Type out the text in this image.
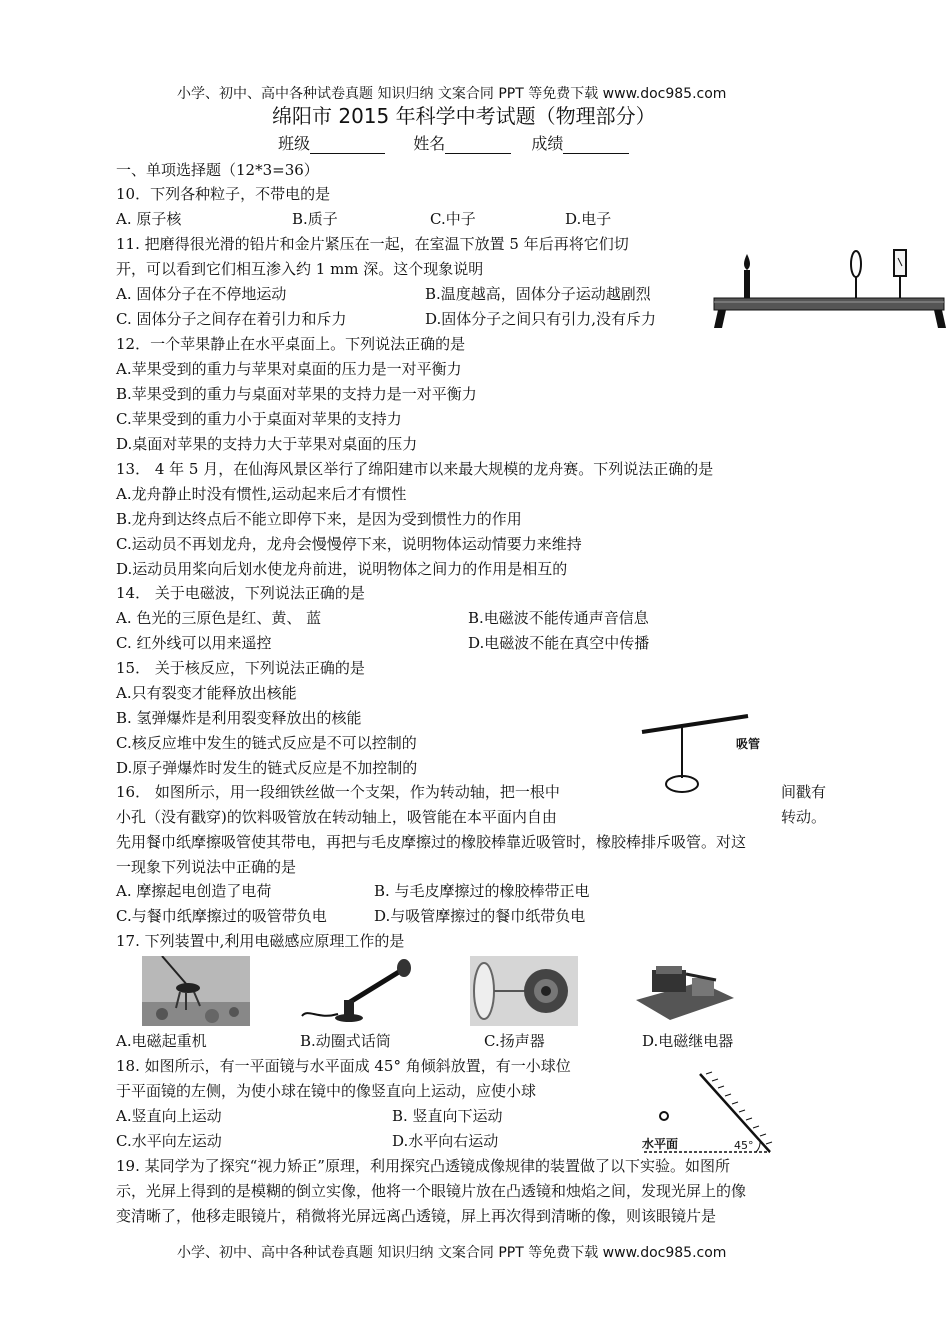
小学、初中、高中各种试卷真题 知识归纳 文案合同 PPT 等免费下载 www.doc985.com
绵阳市 2015 年科学中考试题（物理部分）
班级	姓名	成绩
一、单项选择题（12*3=36）
10．下列各种粒子，不带电的是
A. 原子核	B.质子	C.中子	D.电子
11. 把磨得很光滑的铅片和金片紧压在一起，在室温下放置 5 年后再将它们切
开，可以看到它们相互渗入约 1 mm 深。这个现象说明
A. 固体分子在不停地运动	B.温度越高，固体分子运动越剧烈
C. 固体分子之间存在着引力和斥力	D.固体分子之间只有引力,没有斥力
12．一个苹果静止在水平桌面上。下列说法正确的是
A.苹果受到的重力与苹果对桌面的压力是一对平衡力
B.苹果受到的重力与桌面对苹果的支持力是一对平衡力
C.苹果受到的重力小于桌面对苹果的支持力
D.桌面对苹果的支持力大于苹果对桌面的压力
13． 4 年 5 月，在仙海风景区举行了绵阳建市以来最大规模的龙舟赛。下列说法正确的是
A.龙舟静止时没有惯性,运动起来后才有惯性
B.龙舟到达终点后不能立即停下来，是因为受到惯性力的作用
C.运动员不再划龙舟，龙舟会慢慢停下来，说明物体运动情要力来维持
D.运动员用桨向后划水使龙舟前进，说明物体之间力的作用是相互的
14． 关于电磁波，下列说法正确的是
A. 色光的三原色是红、黄、 蓝	B.电磁波不能传通声音信息
C. 红外线可以用来遥控	D.电磁波不能在真空中传播
15． 关于核反应，下列说法正确的是
A.只有裂变才能释放出核能
B. 氢弹爆炸是利用裂变释放出的核能
C.核反应堆中发生的链式反应是不可以控制的
D.原子弹爆炸时发生的链式反应是不加控制的
吸管
16． 如图所示，用一段细铁丝做一个支架，作为转动轴，把一根中	间戳有
小孔（没有戳穿)的饮料吸管放在转动轴上，吸管能在本平面内自由	转动。
先用餐巾纸摩擦吸管使其带电，再把与毛皮摩擦过的橡胶棒靠近吸管时，橡胶棒排斥吸管。对这
一现象下列说法中正确的是
A. 摩擦起电创造了电荷	B. 与毛皮摩擦过的橡胶棒带正电
C.与餐巾纸摩擦过的吸管带负电	D.与吸管摩擦过的餐巾纸带负电
17. 下列装置中,利用电磁感应原理工作的是
A.电磁起重机	B.动圈式话筒	C.扬声器	D.电磁继电器
18. 如图所示，有一平面镜与水平面成 45° 角倾斜放置，有一小球位
于平面镜的左侧，为使小球在镜中的像竖直向上运动，应使小球
A.竖直向上运动	B. 竖直向下运动
C.水平向左运动	D.水平向右运动	水平面	45°
19. 某同学为了探究“视力矫正”原理，利用探究凸透镜成像规律的装置做了以下实验。如图所
示，光屏上得到的是模糊的倒立实像，他将一个眼镜片放在凸透镜和烛焰之间，发现光屏上的像
变清晰了，他移走眼镜片，稍微将光屏远离凸透镜，屏上再次得到清晰的像，则该眼镜片是
小学、初中、高中各种试卷真题 知识归纳 文案合同 PPT 等免费下载 www.doc985.com
